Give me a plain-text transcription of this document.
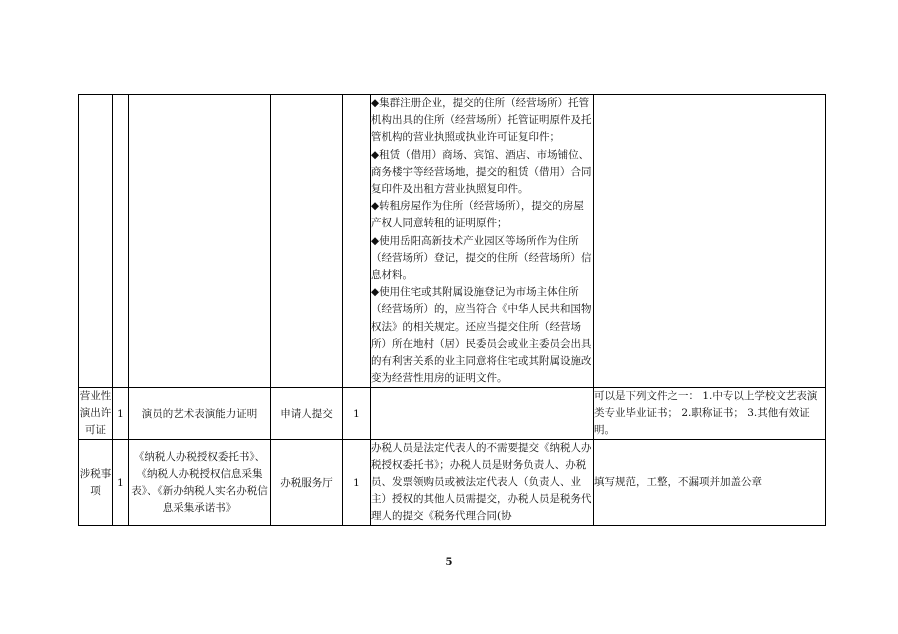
					◆集群注册企业，提交的住所（经营场所）托管机构出具的住所（经营场所）托管证明原件及托管机构的营业执照或执业许可证复印件；
◆租赁（借用）商场、宾馆、酒店、市场铺位、商务楼宇等经营场地，提交的租赁（借用）合同复印件及出租方营业执照复印件。
◆转租房屋作为住所（经营场所），提交的房屋产权人同意转租的证明原件；
◆使用岳阳高新技术产业园区等场所作为住所（经营场所）登记，提交的住所（经营场所）信息材料。
◆使用住宅或其附属设施登记为市场主体住所（经营场所）的，应当符合《中华人民共和国物权法》的相关规定。还应当提交住所（经营场所）所在地村（居）民委员会或业主委员会出具的有利害关系的业主同意将住宅或其附属设施改变为经营性用房的证明文件。	

营业性演出许可证	1	演员的艺术表演能力证明	申请人提交	1		可以是下列文件之一： 1.中专以上学校文艺表演类专业毕业证书； 2.职称证书； 3.其他有效证明。
涉税事项	1	《纳税人办税授权委托书》、《纳税人办税授权信息采集表》、《新办纳税人实名办税信息采集承诺书》	办税服务厅	1	办税人员是法定代表人的不需要提交《纳税人办税授权委托书》；办税人员是财务负责人、办税员、发票领购员或被法定代表人（负责人、业主）授权的其他人员需提交，办税人员是税务代理人的提交《税务代理合同(协	填写规范，工整，不漏项并加盖公章
5
